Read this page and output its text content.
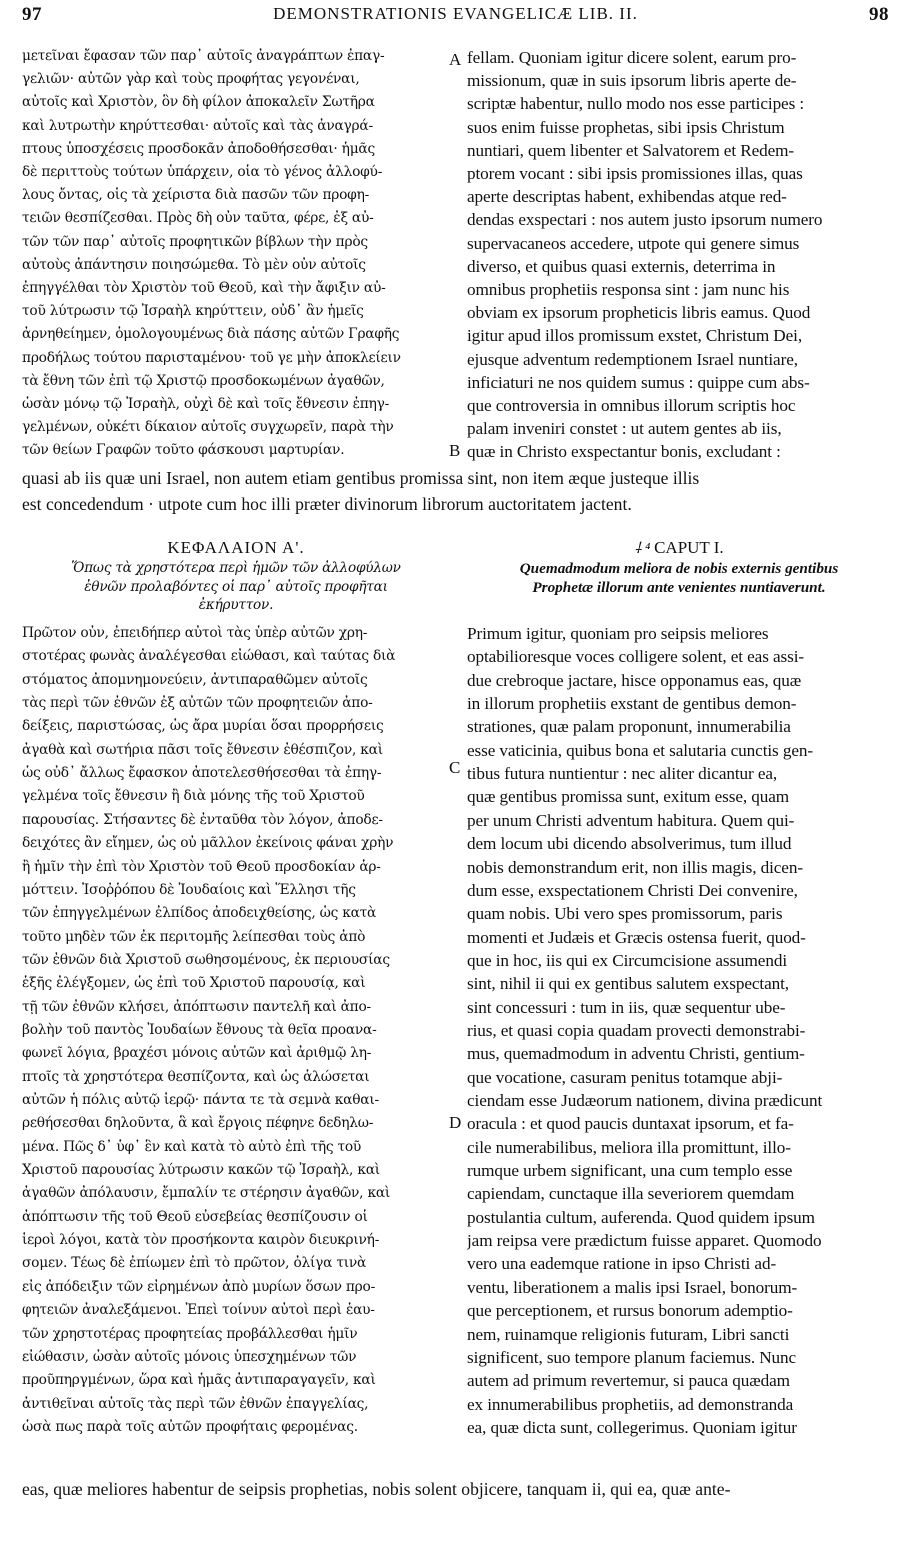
97	DEMONSTRATIONIS EVANGELICÆ LIB. II.	98
μετεῖναι ἔφασαν τῶν παρ᾽ αὐτοῖς ἀναγράπτων ἐπαγ-
γελιῶν· αὐτῶν γὰρ καὶ τοὺς προφήτας γεγονέναι,
αὐτοῖς καὶ Χριστὸν, ὃν δὴ φίλον ἀποκαλεῖν Σωτῆρα
καὶ λυτρωτὴν κηρύττεσθαι· αὐτοῖς καὶ τὰς ἀναγρά-
πτους ὑποσχέσεις προσδοκᾶν ἀποδοθήσεσθαι· ἡμᾶς
δὲ περιττοὺς τούτων ὑπάρχειν, οἷα τὸ γένος ἀλλοφύ-
λους ὄντας, οἷς τὰ χείριστα διὰ πασῶν τῶν προφη-
τειῶν θεσπίζεσθαι. Πρὸς δὴ οὖν ταῦτα, φέρε, ἐξ αὐ-
τῶν τῶν παρ᾽ αὐτοῖς προφητικῶν βίβλων τὴν πρὸς
αὐτοὺς ἀπάντησιν ποιησώμεθα. Τὸ μὲν οὖν αὐτοῖς
ἐπηγγέλθαι τὸν Χριστὸν τοῦ Θεοῦ, καὶ τὴν ἄφιξιν αὐ-
τοῦ λύτρωσιν τῷ Ἰσραὴλ κηρύττειν, οὐδ᾽ ἂν ἡμεῖς
ἀρνηθείημεν, ὁμολογουμένως διὰ πάσης αὐτῶν Γραφῆς
προδήλως τούτου παρισταμένου· τοῦ γε μὴν ἀποκλείειν
τὰ ἔθνη τῶν ἐπὶ τῷ Χριστῷ προσδοκωμένων ἀγαθῶν,
ὡσὰν μόνῳ τῷ Ἰσραὴλ, οὐχὶ δὲ καὶ τοῖς ἔθνεσιν ἐπηγ-
γελμένων, οὐκέτι δίκαιον αὐτοῖς συγχωρεῖν, παρὰ τὴν
τῶν θείων Γραφῶν τοῦτο φάσκουσι μαρτυρίαν.
fellam. Quoniam igitur dicere solent, earum pro-
missionum, quæ in suis ipsorum libris aperte de-
scriptæ habentur, nullo modo nos esse participes :
suos enim fuisse prophetas, sibi ipsis Christum
nuntiari, quem libenter et Salvatorem et Redem-
ptorem vocant : sibi ipsis promissiones illas, quas
aperte descriptas habent, exhibendas atque red-
dendas exspectari : nos autem justo ipsorum numero
supervacaneos accedere, utpote qui genere simus
diverso, et quibus quasi externis, deterrima in
omnibus prophetiis responsa sint : jam nunc his
obviam ex ipsorum propheticis libris eamus. Quod
igitur apud illos promissum exstet, Christum Dei,
ejusque adventum redemptionem Israel nuntiare,
inficiaturi ne nos quidem sumus : quippe cum abs-
que controversia in omnibus illorum scriptis hoc
palam inveniri constet : ut autem gentes ab iis,
quæ in Christo exspectantur bonis, excludant :
A
B
C
D
quasi ab iis quæ uni Israel, non autem etiam gentibus promissa sint, non item æque justeque illis
est concedendum · utpote cum hoc illi præter divinorum librorum auctoritatem jactent.
ΚΕΦΑΛΑΙΟΝ Α'.	⸸ ⁴ CAPUT I.
Ὅπως τὰ χρηστότερα περὶ ἡμῶν τῶν ἀλλοφύλων
ἐθνῶν προλαβόντες οἱ παρ᾽ αὐτοῖς προφῆται
ἐκήρυττον.
Quemadmodum meliora de nobis externis gentibus
Prophetæ illorum ante venientes nuntiaverunt.
Πρῶτον οὖν, ἐπειδήπερ αὐτοὶ τὰς ὑπὲρ αὐτῶν χρη-
στοτέρας φωνὰς ἀναλέγεσθαι εἰώθασι, καὶ ταύτας διὰ
στόματος ἀπομνημονεύειν, ἀντιπαραθῶμεν αὐτοῖς
τὰς περὶ τῶν ἐθνῶν ἐξ αὐτῶν τῶν προφητειῶν ἀπο-
δείξεις, παριστώσας, ὡς ἄρα μυρίαι ὅσαι προρρήσεις
ἀγαθὰ καὶ σωτήρια πᾶσι τοῖς ἔθνεσιν ἐθέσπιζον, καὶ
ὡς οὐδ᾽ ἄλλως ἔφασκον ἀποτελεσθήσεσθαι τὰ ἐπηγ-
γελμένα τοῖς ἔθνεσιν ἢ διὰ μόνης τῆς τοῦ Χριστοῦ
παρουσίας. Στήσαντες δὲ ἐνταῦθα τὸν λόγον, ἀποδε-
δειχότες ἂν εἴημεν, ὡς οὐ μᾶλλον ἐκείνοις φάναι χρὴν
ἢ ἡμῖν τὴν ἐπὶ τὸν Χριστὸν τοῦ Θεοῦ προσδοκίαν ἁρ-
μόττειν. Ἰσοῤῥόπου δὲ Ἰουδαίοις καὶ Ἕλλησι τῆς
τῶν ἐπηγγελμένων ἐλπίδος ἀποδειχθείσης, ὡς κατὰ
τοῦτο μηδὲν τῶν ἐκ περιτομῆς λείπεσθαι τοὺς ἀπὸ
τῶν ἐθνῶν διὰ Χριστοῦ σωθησομένους, ἐκ περιουσίας
ἑξῆς ἐλέγξομεν, ὡς ἐπὶ τοῦ Χριστοῦ παρουσίᾳ, καὶ
τῇ τῶν ἐθνῶν κλήσει, ἀπόπτωσιν παντελῆ καὶ ἀπο-
βολὴν τοῦ παντὸς Ἰουδαίων ἔθνους τὰ θεῖα προανα-
φωνεῖ λόγια, βραχέσι μόνοις αὐτῶν καὶ ἀριθμῷ λη-
πτοῖς τὰ χρηστότερα θεσπίζοντα, καὶ ὡς ἁλώσεται
αὐτῶν ἡ πόλις αὐτῷ ἱερῷ· πάντα τε τὰ σεμνὰ καθαι-
ρεθήσεσθαι δηλοῦντα, ἃ καὶ ἔργοις πέφηνε δεδηλω-
μένα. Πῶς δ᾽ ὑφ᾽ ἓν καὶ κατὰ τὸ αὐτὸ ἐπὶ τῆς τοῦ
Χριστοῦ παρουσίας λύτρωσιν κακῶν τῷ Ἰσραὴλ, καὶ
ἀγαθῶν ἀπόλαυσιν, ἔμπαλίν τε στέρησιν ἀγαθῶν, καὶ
ἀπόπτωσιν τῆς τοῦ Θεοῦ εὐσεβείας θεσπίζουσιν οἱ
ἱεροὶ λόγοι, κατὰ τὸν προσήκοντα καιρὸν διευκρινή-
σομεν. Τέως δὲ ἐπίωμεν ἐπὶ τὸ πρῶτον, ὀλίγα τινὰ
εἰς ἀπόδειξιν τῶν εἰρημένων ἀπὸ μυρίων ὅσων προ-
φητειῶν ἀναλεξάμενοι. Ἐπεὶ τοίνυν αὐτοὶ περὶ ἑαυ-
τῶν χρηστοτέρας προφητείας προβάλλεσθαι ἡμῖν
εἰώθασιν, ὡσὰν αὐτοῖς μόνοις ὑπεσχημένων τῶν
προῦπηργμένων, ὥρα καὶ ἡμᾶς ἀντιπαραγαγεῖν, καὶ
ἀντιθεῖναι αὐτοῖς τὰς περὶ τῶν ἐθνῶν ἐπαγγελίας,
ὡσὰ πως παρὰ τοῖς αὐτῶν προφήταις φερομένας.
Primum igitur, quoniam pro seipsis meliores
optabilioresque voces colligere solent, et eas assi-
due crebroque jactare, hisce opponamus eas, quæ
in illorum prophetiis exstant de gentibus demon-
strationes, quæ palam proponunt, innumerabilia
esse vaticinia, quibus bona et salutaria cunctis gen-
tibus futura nuntientur : nec aliter dicantur ea,
quæ gentibus promissa sunt, exitum esse, quam
per unum Christi adventum habitura. Quem qui-
dem locum ubi dicendo absolverimus, tum illud
nobis demonstrandum erit, non illis magis, dicen-
dum esse, exspectationem Christi Dei convenire,
quam nobis. Ubi vero spes promissorum, paris
momenti et Judæis et Græcis ostensa fuerit, quod-
que in hoc, iis qui ex Circumcisione assumendi
sint, nihil ii qui ex gentibus salutem exspectant,
sint concessuri : tum in iis, quæ sequentur ube-
rius, et quasi copia quadam provecti demonstrabi-
mus, quemadmodum in adventu Christi, gentium-
que vocatione, casuram penitus totamque abji-
ciendam esse Judæorum nationem, divina prædicunt
oracula : et quod paucis duntaxat ipsorum, et fa-
cile numerabilibus, meliora illa promittunt, illo-
rumque urbem significant, una cum templo esse
capiendam, cunctaque illa severiorem quemdam
postulantia cultum, auferenda. Quod quidem ipsum
jam reipsa vere prædictum fuisse apparet. Quomodo
vero una eademque ratione in ipso Christi ad-
ventu, liberationem a malis ipsi Israel, bonorum-
que perceptionem, et rursus bonorum ademptio-
nem, ruinamque religionis futuram, Libri sancti
significent, suo tempore planum faciemus. Nunc
autem ad primum revertemur, si pauca quædam
ex innumerabilibus prophetiis, ad demonstranda
ea, quæ dicta sunt, collegerimus. Quoniam igitur
eas, quæ meliores habentur de seipsis prophetias, nobis solent objicere, tanquam ii, qui ea, quæ ante-
